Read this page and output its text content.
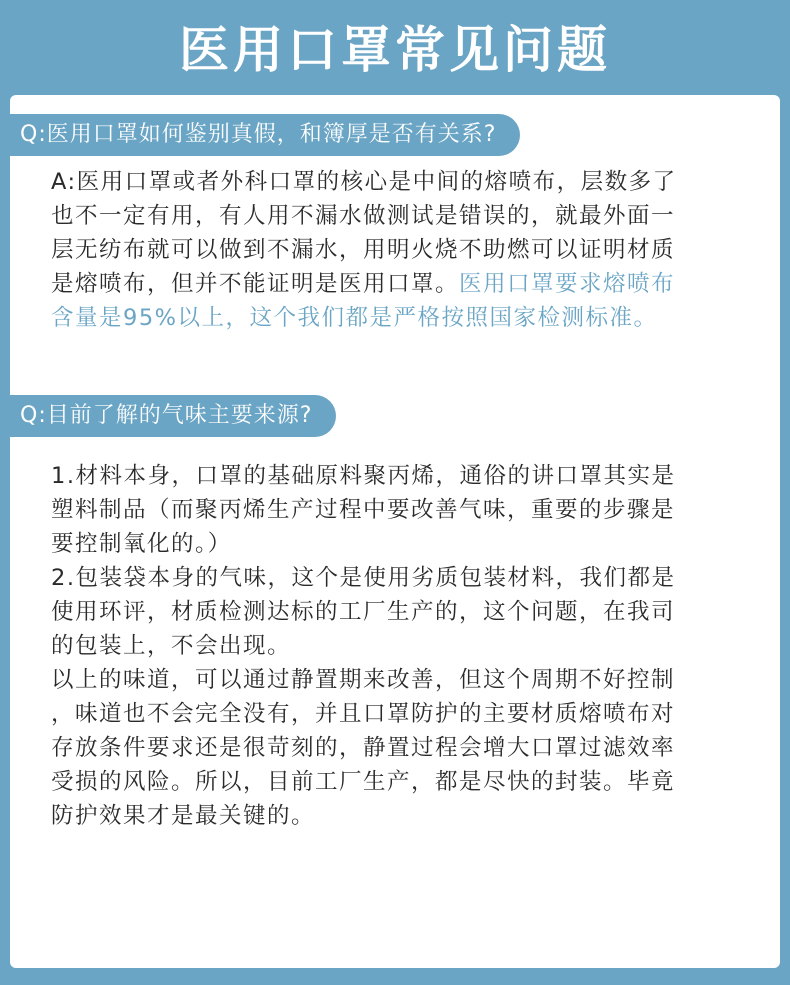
医用口罩常见问题
Q:医用口罩如何鉴别真假，和簿厚是否有关系?

A:医用口罩或者外科口罩的核心是中间的熔喷布，层数多了

也不一定有用，有人用不漏水做测试是错误的，就最外面一

层无纺布就可以做到不漏水，用明火烧不助燃可以证明材质

是熔喷布，但并不能证明是医用口罩。医用口罩要求熔喷布

含量是95%以上，这个我们都是严格按照国家检测标准。

Q:目前了解的气味主要来源?

1.材料本身，口罩的基础原料聚丙烯，通俗的讲口罩其实是

塑料制品（而聚丙烯生产过程中要改善气味，重要的步骤是

要控制氧化的。）

2.包装袋本身的气味，这个是使用劣质包装材料，我们都是

使用环评，材质检测达标的工厂生产的，这个问题，在我司

的包装上，不会出现。

以上的味道，可以通过静置期来改善，但这个周期不好控制

，味道也不会完全没有，并且口罩防护的主要材质熔喷布对

存放条件要求还是很苛刻的，静置过程会增大口罩过滤效率

受损的风险。所以，目前工厂生产，都是尽快的封装。毕竟

防护效果才是最关键的。
